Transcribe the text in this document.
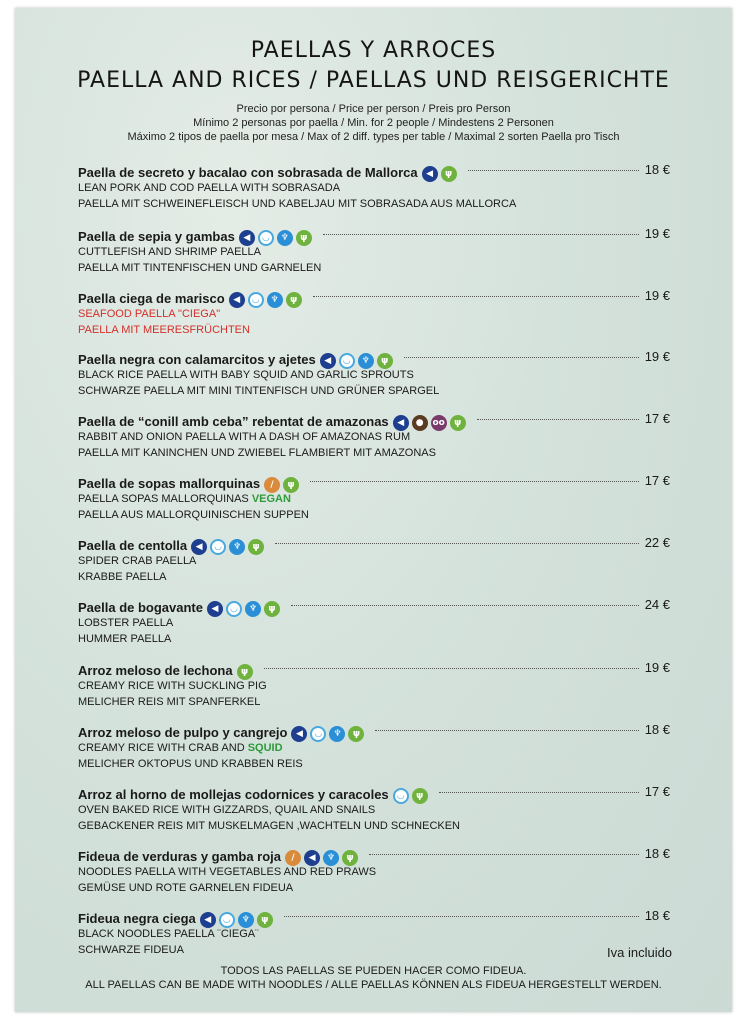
PAELLAS Y ARROCES
PAELLA AND RICES / PAELLAS UND REISGERICHTE
Precio por persona / Price per person / Preis pro Person
Mínimo 2 personas por paella / Min. for 2 people / Mindestens 2 Personen
Máximo 2 tipos de paella por mesa / Max of 2 diff. types per table / Maximal 2 sorten Paella pro Tisch
Paella de secreto y bacalao con sobrasada de Mallorca ◀ ψ	18 €
LEAN PORK AND COD PAELLA WITH SOBRASADA
PAELLA MIT SCHWEINEFLEISCH UND KABELJAU MIT SOBRASADA AUS MALLORCA
Paella de sepia y gambas ◀ ◡ ♆ ψ	19 €
CUTTLEFISH AND SHRIMP PAELLA
PAELLA MIT TINTENFISCHEN UND GARNELEN
Paella ciega de marisco ◀ ◡ ♆ ψ	19 €
SEAFOOD PAELLA "CIEGA"
PAELLA MIT MEERESFRÜCHTEN
Paella negra con calamarcitos y ajetes ◀ ◡ ♆ ψ	19 €
BLACK RICE PAELLA WITH BABY SQUID AND GARLIC SPROUTS
SCHWARZE PAELLA MIT MINI TINTENFISCH UND GRÜNER SPARGEL
Paella de “conill amb ceba” rebentat de amazonas ◀ ● oo ψ	17 €
RABBIT AND ONION PAELLA WITH A DASH OF AMAZONAS RUM
PAELLA MIT KANINCHEN UND ZWIEBEL FLAMBIERT MIT AMAZONAS
Paella de sopas mallorquinas / ψ	17 €
PAELLA SOPAS MALLORQUINAS VEGAN
PAELLA AUS MALLORQUINISCHEN SUPPEN
Paella de centolla ◀ ◡ ♆ ψ	22 €
SPIDER CRAB PAELLA
KRABBE PAELLA
Paella de bogavante ◀ ◡ ♆ ψ	24 €
LOBSTER PAELLA
HUMMER PAELLA
Arroz meloso de lechona ψ	19 €
CREAMY RICE WITH SUCKLING PIG
MELICHER REIS MIT SPANFERKEL
Arroz meloso de pulpo y cangrejo ◀ ◡ ♆ ψ	18 €
CREAMY RICE WITH CRAB AND SQUID
MELICHER OKTOPUS UND KRABBEN REIS
Arroz al horno de mollejas codornices y caracoles ◡ ψ	17 €
OVEN BAKED RICE WITH GIZZARDS, QUAIL AND SNAILS
GEBACKENER REIS MIT MUSKELMAGEN ,WACHTELN UND SCHNECKEN
Fideua de verduras y gamba roja / ◀ ♆ ψ	18 €
NOODLES PAELLA WITH VEGETABLES AND RED PRAWS
GEMÜSE UND ROTE GARNELEN FIDEUA
Fideua negra ciega ◀ ◡ ♆ ψ	18 €
BLACK NOODLES PAELLA ¨CIEGA¨
SCHWARZE FIDEUA	Iva incluido
TODOS LAS PAELLAS SE PUEDEN HACER COMO FIDEUA.
ALL PAELLAS CAN BE MADE WITH NOODLES / ALLE PAELLAS KÖNNEN ALS FIDEUA HERGESTELLT WERDEN.
